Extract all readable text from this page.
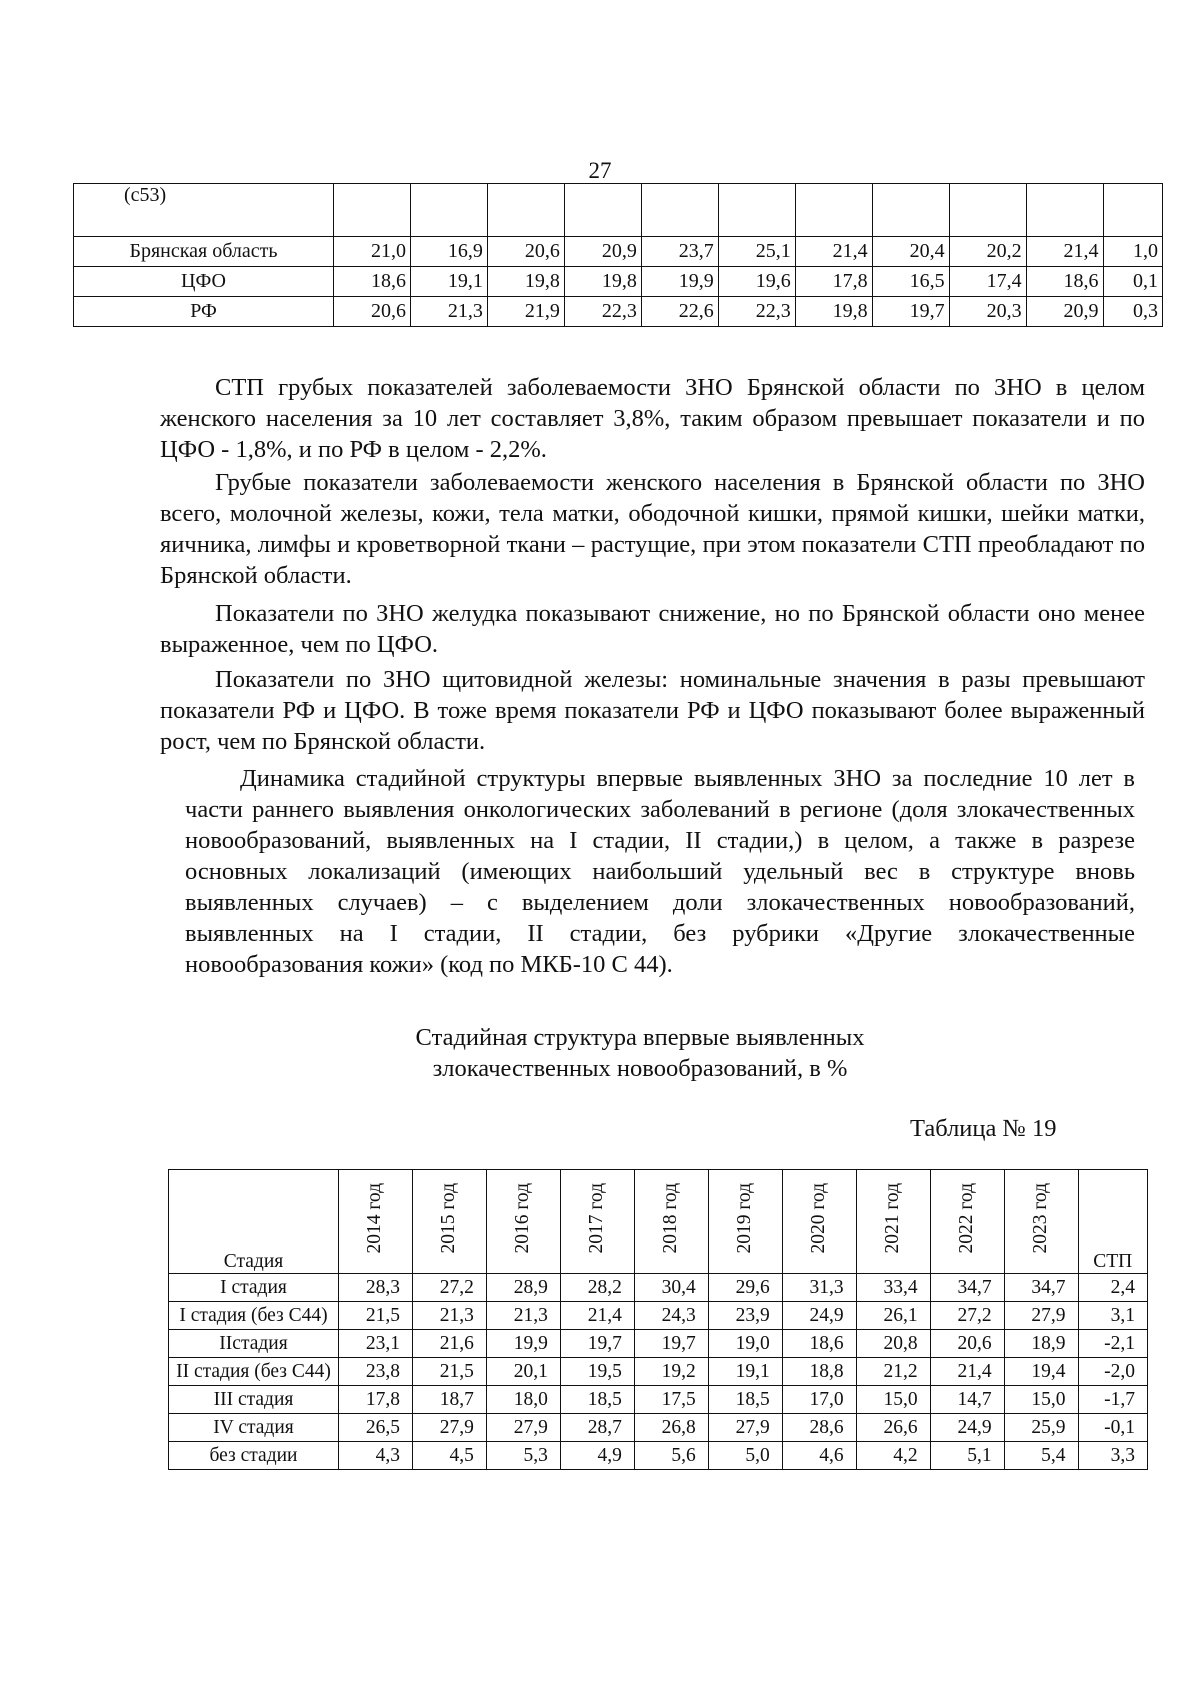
27
(c53)											
Брянская область	21,0	16,9	20,6	20,9	23,7	25,1	21,4	20,4	20,2	21,4	1,0
ЦФО	18,6	19,1	19,8	19,8	19,9	19,6	17,8	16,5	17,4	18,6	0,1
РФ	20,6	21,3	21,9	22,3	22,6	22,3	19,8	19,7	20,3	20,9	0,3
СТП грубых показателей заболеваемости ЗНО Брянской области по ЗНО в целом женского населения за 10 лет составляет 3,8%, таким образом превышает показатели и по ЦФО - 1,8%, и по РФ в целом - 2,2%.
Грубые показатели заболеваемости женского населения в Брянской области по ЗНО всего, молочной железы, кожи, тела матки, ободочной кишки, прямой кишки, шейки матки, яичника, лимфы и кроветворной ткани – растущие, при этом показатели СТП преобладают по Брянской области.
Показатели по ЗНО желудка показывают снижение, но по Брянской области оно менее выраженное, чем по ЦФО.
Показатели по ЗНО щитовидной железы: номинальные значения в разы превышают показатели РФ и ЦФО. В тоже время показатели РФ и ЦФО показывают более выраженный рост, чем по Брянской области.
Динамика стадийной структуры впервые выявленных ЗНО за последние 10 лет в части раннего выявления онкологических заболеваний в регионе (доля злокачественных новообразований, выявленных на I стадии, II стадии,) в целом, а также в разрезе основных локализаций (имеющих наибольший удельный вес в структуре вновь выявленных случаев) – с выделением доли злокачественных новообразований, выявленных на I стадии, II стадии, без рубрики «Другие злокачественные новообразования кожи» (код по МКБ-10 С 44).
Стадийная структура впервые выявленных
злокачественных новообразований, в %
Таблица № 19
Стадия	2014 год	2015 год	2016 год	2017 год	2018 год	2019 год	2020 год	2021 год	2022 год	2023 год	СТП
I стадия	28,3	27,2	28,9	28,2	30,4	29,6	31,3	33,4	34,7	34,7	2,4
I стадия (без С44)	21,5	21,3	21,3	21,4	24,3	23,9	24,9	26,1	27,2	27,9	3,1
IIстадия	23,1	21,6	19,9	19,7	19,7	19,0	18,6	20,8	20,6	18,9	-2,1
II стадия (без С44)	23,8	21,5	20,1	19,5	19,2	19,1	18,8	21,2	21,4	19,4	-2,0
III стадия	17,8	18,7	18,0	18,5	17,5	18,5	17,0	15,0	14,7	15,0	-1,7
IV стадия	26,5	27,9	27,9	28,7	26,8	27,9	28,6	26,6	24,9	25,9	-0,1
без стадии	4,3	4,5	5,3	4,9	5,6	5,0	4,6	4,2	5,1	5,4	3,3
